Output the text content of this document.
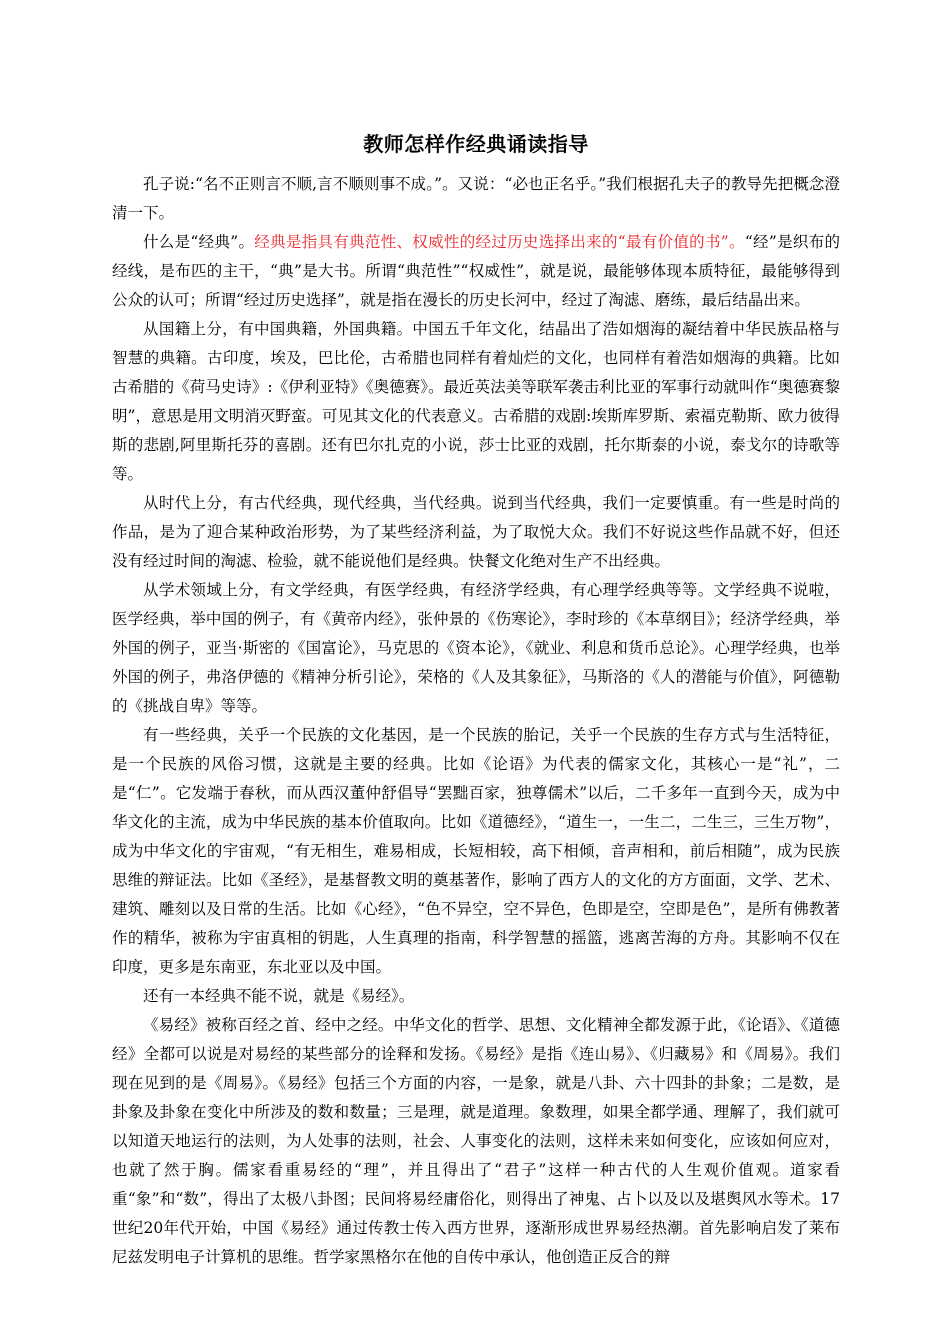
教师怎样作经典诵读指导

孔子说:“名不正则言不顺,言不顺则事不成。”。又说：“必也正名乎。”我们根据孔夫子的教导先把概念澄清一下。

什么是“经典”。经典是指具有典范性、权威性的经过历史选择出来的“最有价值的书”。“经”是织布的经线，是布匹的主干，“典”是大书。所谓“典范性”“权威性”，就是说，最能够体现本质特征，最能够得到公众的认可；所谓“经过历史选择”，就是指在漫长的历史长河中，经过了淘滤、磨练，最后结晶出来。

从国籍上分，有中国典籍，外国典籍。中国五千年文化，结晶出了浩如烟海的凝结着中华民族品格与智慧的典籍。古印度，埃及，巴比伦，古希腊也同样有着灿烂的文化，也同样有着浩如烟海的典籍。比如古希腊的《荷马史诗》:《伊利亚特》《奥德赛》。最近英法美等联军袭击利比亚的军事行动就叫作“奥德赛黎明”，意思是用文明消灭野蛮。可见其文化的代表意义。古希腊的戏剧:埃斯库罗斯、索福克勒斯、欧力彼得斯的悲剧,阿里斯托芬的喜剧。还有巴尔扎克的小说，莎士比亚的戏剧，托尔斯泰的小说，泰戈尔的诗歌等等。

从时代上分，有古代经典，现代经典，当代经典。说到当代经典，我们一定要慎重。有一些是时尚的作品，是为了迎合某种政治形势，为了某些经济利益，为了取悦大众。我们不好说这些作品就不好，但还没有经过时间的淘滤、检验，就不能说他们是经典。快餐文化绝对生产不出经典。

从学术领域上分，有文学经典，有医学经典，有经济学经典，有心理学经典等等。文学经典不说啦，医学经典，举中国的例子，有《黄帝内经》，张仲景的《伤寒论》，李时珍的《本草纲目》；经济学经典，举外国的例子，亚当·斯密的《国富论》，马克思的《资本论》，《就业、利息和货币总论》。心理学经典，也举外国的例子，弗洛伊德的《精神分析引论》，荣格的《人及其象征》，马斯洛的《人的潜能与价值》，阿德勒的《挑战自卑》等等。

有一些经典，关乎一个民族的文化基因，是一个民族的胎记，关乎一个民族的生存方式与生活特征，是一个民族的风俗习惯，这就是主要的经典。比如《论语》为代表的儒家文化，其核心一是“礼”，二是“仁”。它发端于春秋，而从西汉董仲舒倡导“罢黜百家，独尊儒术”以后，二千多年一直到今天，成为中华文化的主流，成为中华民族的基本价值取向。比如《道德经》，“道生一，一生二，二生三，三生万物”，成为中华文化的宇宙观，“有无相生，难易相成，长短相较，高下相倾，音声相和，前后相随”，成为民族思维的辩证法。比如《圣经》，是基督教文明的奠基著作，影响了西方人的文化的方方面面，文学、艺术、建筑、雕刻以及日常的生活。比如《心经》，“色不异空，空不异色，色即是空，空即是色”，是所有佛教著作的精华，被称为宇宙真相的钥匙，人生真理的指南，科学智慧的摇篮，逃离苦海的方舟。其影响不仅在印度，更多是东南亚，东北亚以及中国。

还有一本经典不能不说，就是《易经》。

《易经》被称百经之首、经中之经。中华文化的哲学、思想、文化精神全都发源于此，《论语》、《道德经》全都可以说是对易经的某些部分的诠释和发扬。《易经》是指《连山易》、《归藏易》和《周易》。我们现在见到的是《周易》。《易经》包括三个方面的内容，一是象，就是八卦、六十四卦的卦象；二是数，是卦象及卦象在变化中所涉及的数和数量；三是理，就是道理。象数理，如果全都学通、理解了，我们就可以知道天地运行的法则，为人处事的法则，社会、人事变化的法则，这样未来如何变化，应该如何应对，也就了然于胸。儒家看重易经的“理”，并且得出了“君子”这样一种古代的人生观价值观。道家看重“象”和“数”，得出了太极八卦图；民间将易经庸俗化，则得出了神鬼、占卜以及以及堪舆风水等术。17世纪20年代开始，中国《易经》通过传教士传入西方世界，逐渐形成世界易经热潮。首先影响启发了莱布尼兹发明电子计算机的思维。哲学家黑格尔在他的自传中承认，他创造正反合的辩
